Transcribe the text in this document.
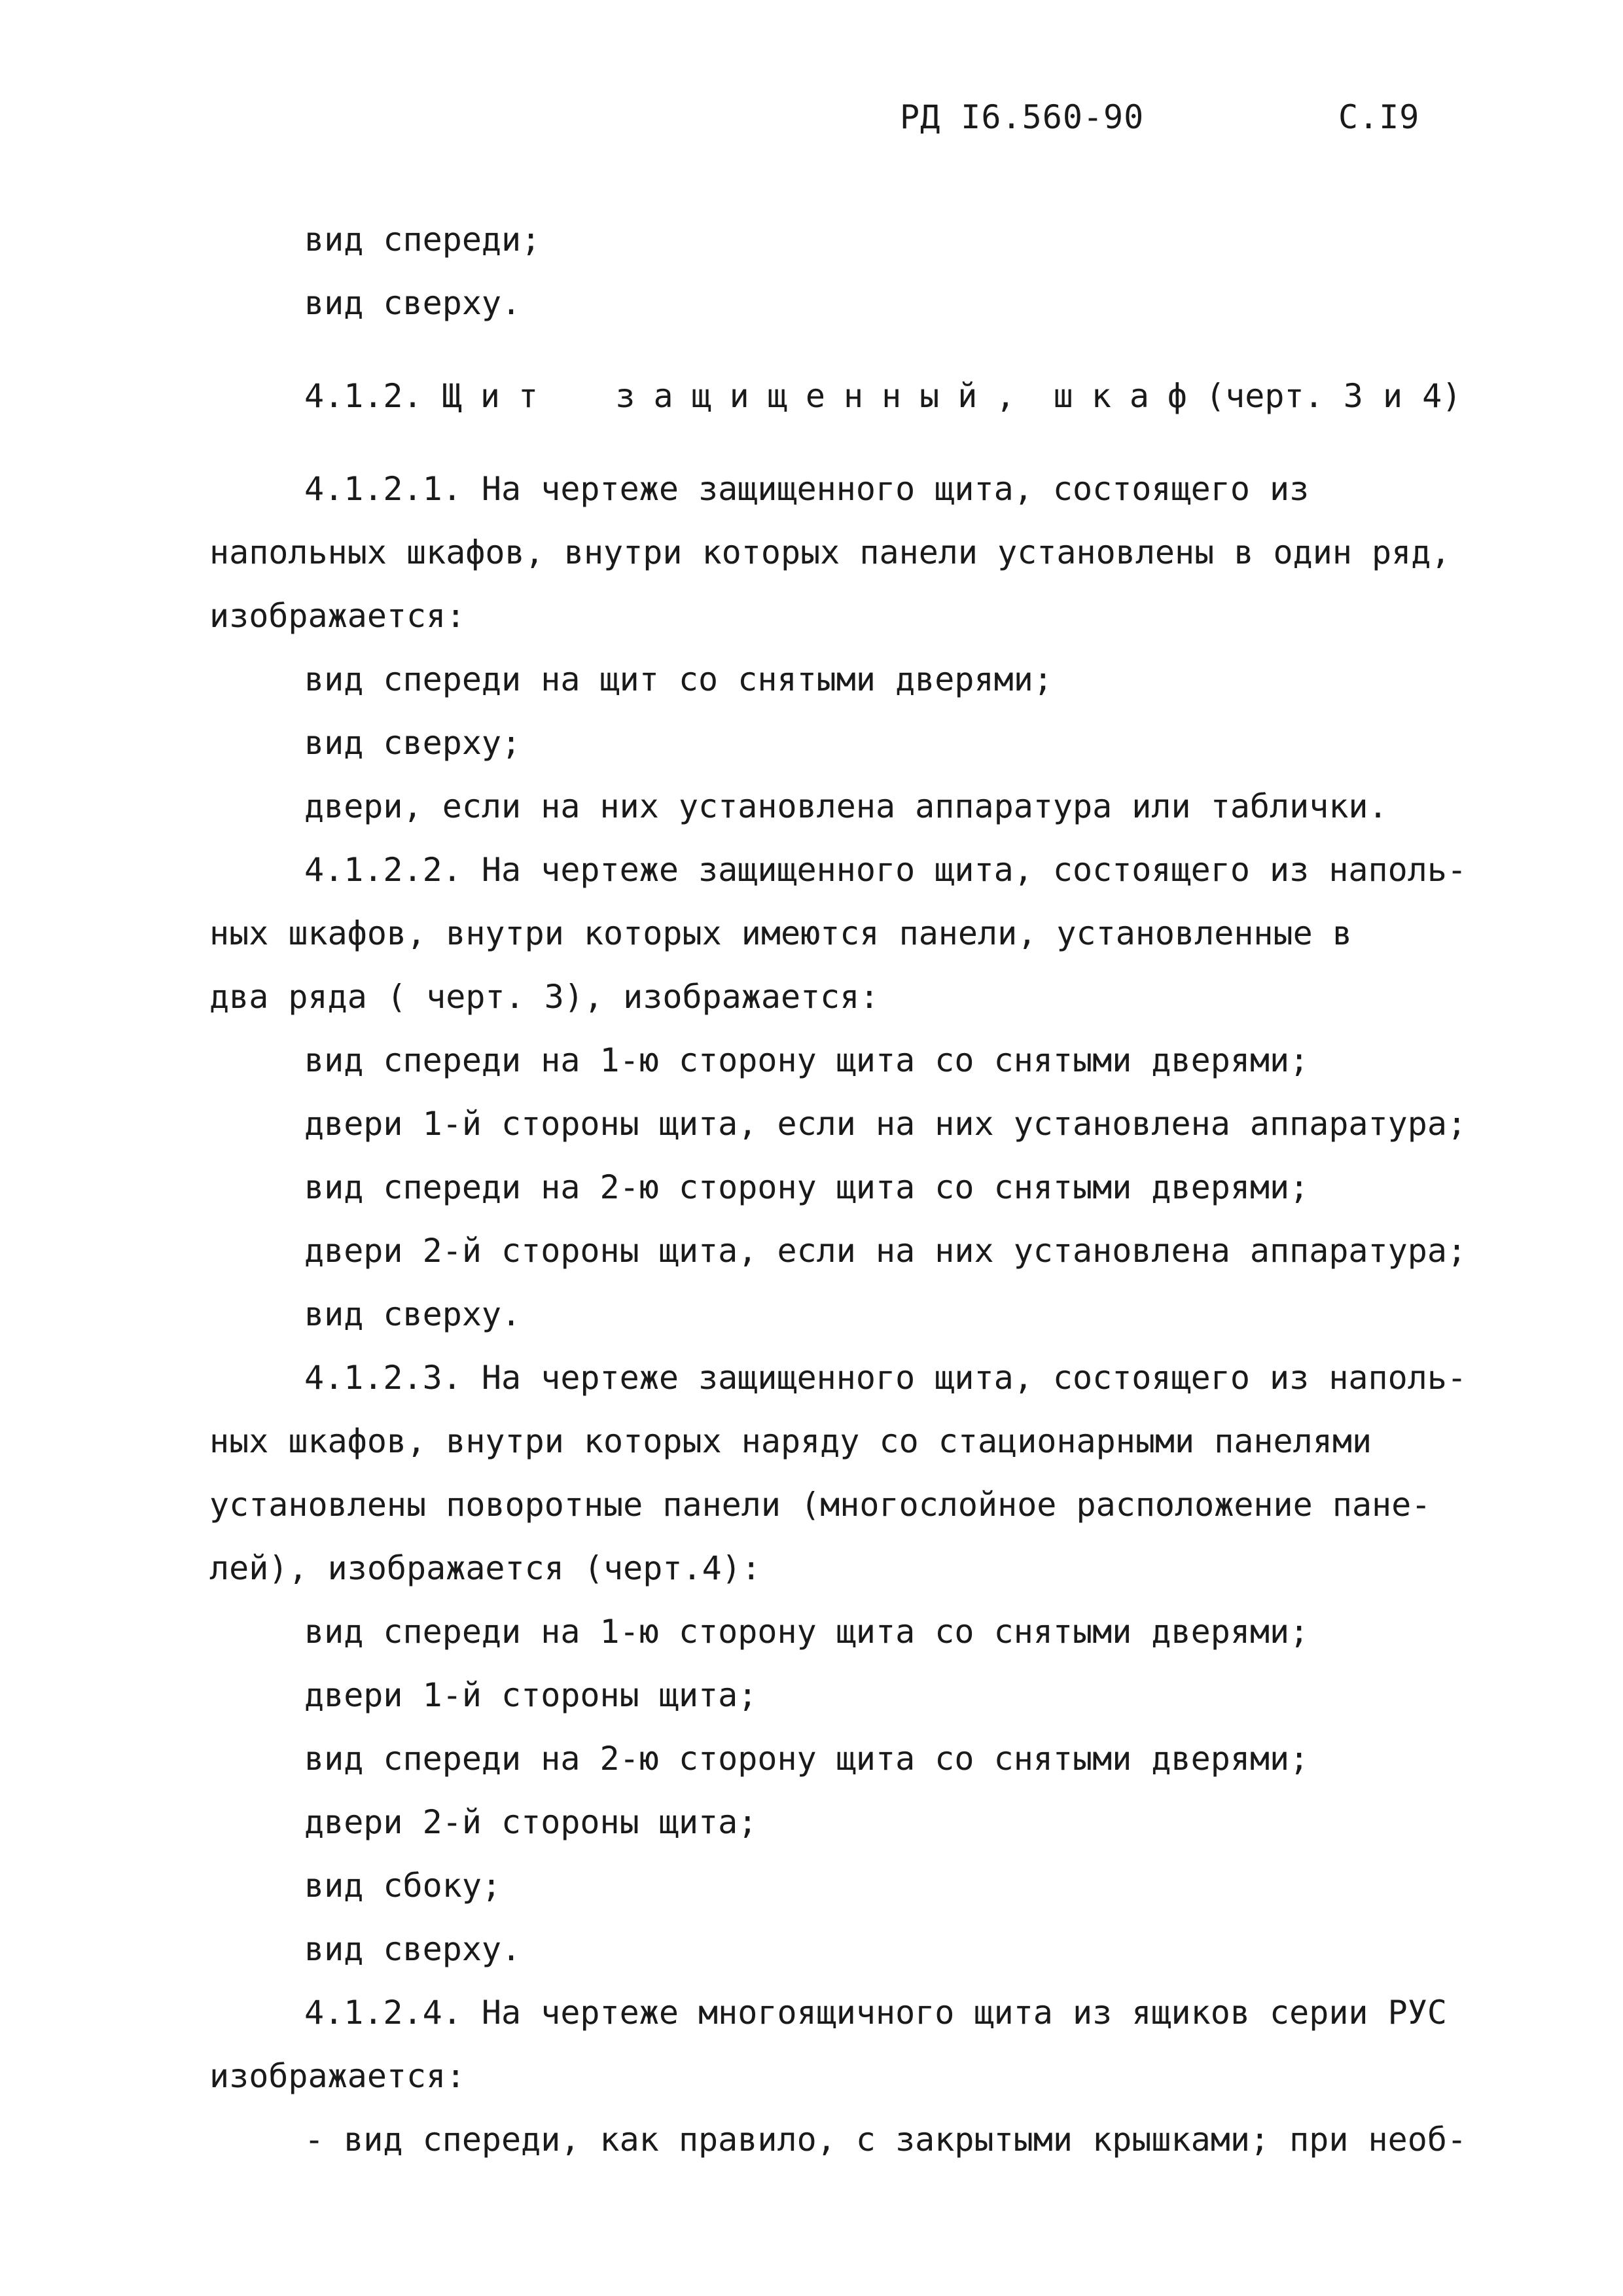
РД I6.560-90	С.I9
вид спереди;
вид сверху.
4.1.2. Щит защищенный, шкаф(черт. 3 и 4)
4.1.2.1. На чертеже защищенного щита, состоящего из
напольных шкафов, внутри которых панели установлены в один ряд,
изображается:
вид спереди на щит со снятыми дверями;
вид сверху;
двери, если на них установлена аппаратура или таблички.
4.1.2.2. На чертеже защищенного щита, состоящего из наполь-
ных шкафов, внутри которых имеются панели, установленные в
два ряда ( черт. 3), изображается:
вид спереди на 1-ю сторону щита со снятыми дверями;
двери 1-й стороны щита, если на них установлена аппаратура;
вид спереди на 2-ю сторону щита со снятыми дверями;
двери 2-й стороны щита, если на них установлена аппаратура;
вид сверху.
4.1.2.3. На чертеже защищенного щита, состоящего из наполь-
ных шкафов, внутри которых наряду со стационарными панелями
установлены поворотные панели (многослойное расположение пане-
лей), изображается (черт.4):
вид спереди на 1-ю сторону щита со снятыми дверями;
двери 1-й стороны щита;
вид спереди на 2-ю сторону щита со снятыми дверями;
двери 2-й стороны щита;
вид сбоку;
вид сверху.
4.1.2.4. На чертеже многоящичного щита из ящиков серии РУС
изображается:
- вид спереди, как правило, с закрытыми крышками; при необ-
